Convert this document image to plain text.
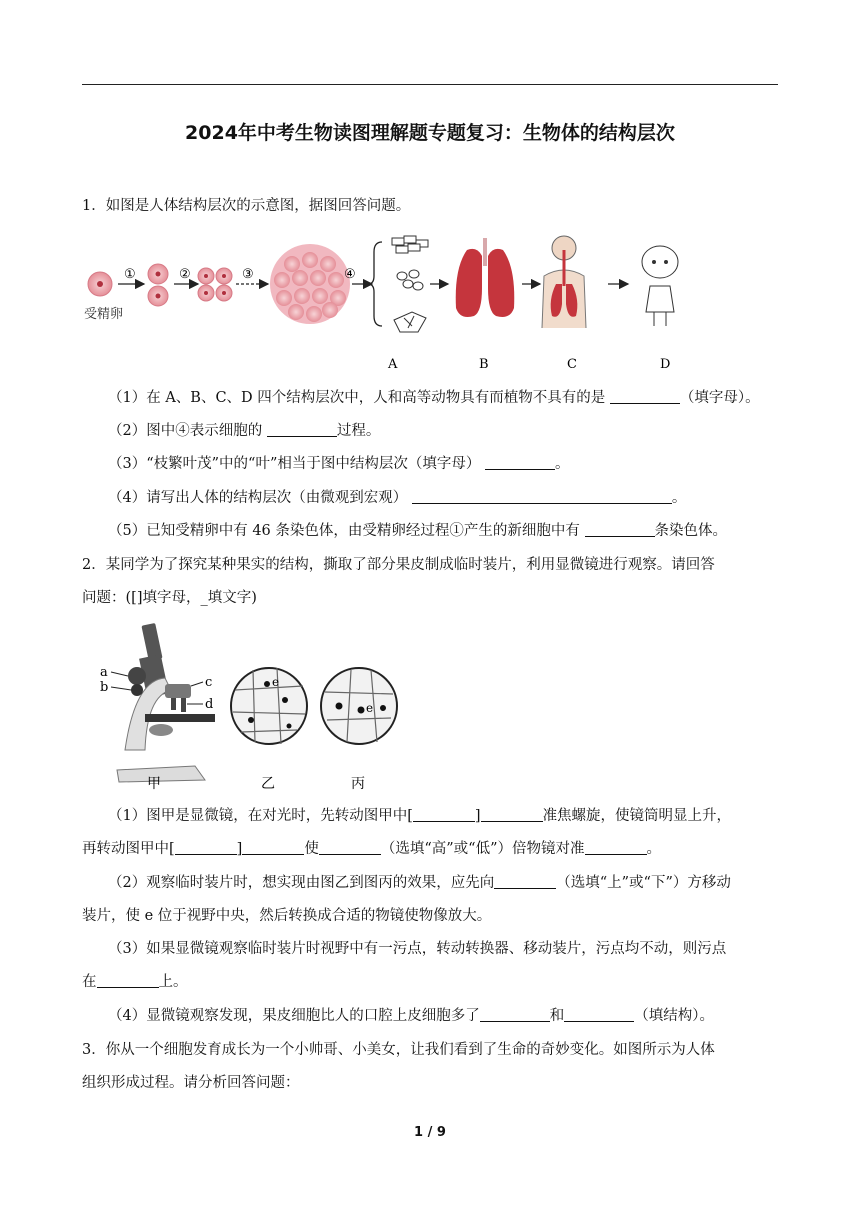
2024年中考生物读图理解题专题复习：生物体的结构层次
1．如图是人体结构层次的示意图，据图回答问题。
受精卵
①	②	③	④
A	B	C	D
（1）在 A、B、C、D 四个结构层次中，人和高等动物具有而植物不具有的是	（填字母）。
（2）图中④表示细胞的	过程。
（3）“枝繁叶茂”中的“叶”相当于图中结构层次（填字母）	。
（4）请写出人体的结构层次（由微观到宏观）	。
（5）已知受精卵中有 46 条染色体，由受精卵经过程①产生的新细胞中有	条染色体。
2．某同学为了探究某种果实的结构，撕取了部分果皮制成临时装片，利用显微镜进行观察。请回答
问题：([]填字母，_填文字)
a
b	c
d
e
e
甲	乙	丙
（1）图甲是显微镜，在对光时，先转动图甲中[	]	准焦螺旋，使镜筒明显上升，
再转动图甲中[	]	使	（选填“高”或“低”）倍物镜对准	。
（2）观察临时装片时，想实现由图乙到图丙的效果，应先向	（选填“上”或“下”）方移动
装片，使 e 位于视野中央，然后转换成合适的物镜使物像放大。
（3）如果显微镜观察临时装片时视野中有一污点，转动转换器、移动装片，污点均不动，则污点
在	上。
（4）显微镜观察发现，果皮细胞比人的口腔上皮细胞多了	和	（填结构）。
3．你从一个细胞发育成长为一个小帅哥、小美女，让我们看到了生命的奇妙变化。如图所示为人体
组织形成过程。请分析回答问题：
1 / 9
